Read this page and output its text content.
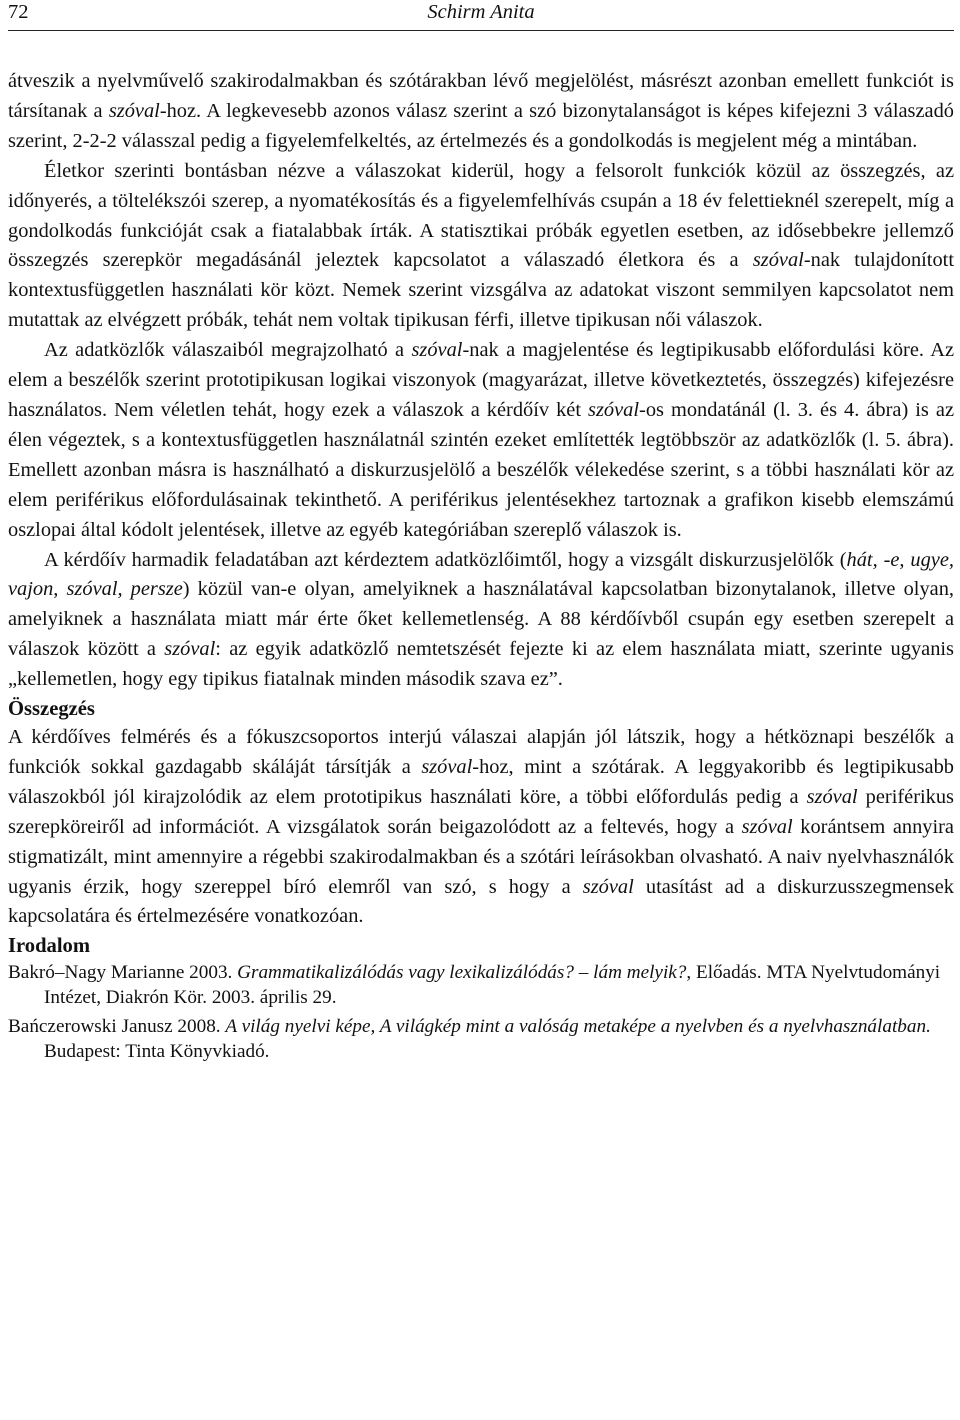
72	Schirm Anita

átveszik a nyelvművelő szakirodalmakban és szótárakban lévő megjelölést, másrészt azonban emellett funkciót is társítanak a szóval-hoz. A legkevesebb azonos válasz szerint a szó bizonytalanságot is képes kifejezni 3 válaszadó szerint, 2-2-2 válasszal pedig a figyelemfelkeltés, az értelmezés és a gondolkodás is megjelent még a mintában.

Életkor szerinti bontásban nézve a válaszokat kiderül, hogy a felsorolt funkciók közül az összegzés, az időnyerés, a töltelékszói szerep, a nyomatékosítás és a figyelemfelhívás csupán a 18 év felettieknél szerepelt, míg a gondolkodás funkcióját csak a fiatalabbak írták. A statisztikai próbák egyetlen esetben, az idősebbekre jellemző összegzés szerepkör megadásánál jeleztek kapcsolatot a válaszadó életkora és a szóval-nak tulajdonított kontextusfüggetlen használati kör közt. Nemek szerint vizsgálva az adatokat viszont semmilyen kapcsolatot nem mutattak az elvégzett próbák, tehát nem voltak tipikusan férfi, illetve tipikusan női válaszok.

Az adatközlők válaszaiból megrajzolható a szóval-nak a magjelentése és legtipikusabb előfordulási köre. Az elem a beszélők szerint prototipikusan logikai viszonyok (magyarázat, illetve következtetés, összegzés) kifejezésre használatos. Nem véletlen tehát, hogy ezek a válaszok a kérdőív két szóval-os mondatánál (l. 3. és 4. ábra) is az élen végeztek, s a kontextusfüggetlen használatnál szintén ezeket említették legtöbbször az adatközlők (l. 5. ábra). Emellett azonban másra is használható a diskurzusjelölő a beszélők vélekedése szerint, s a többi használati kör az elem periférikus előfordulásainak tekinthető. A periférikus jelentésekhez tartoznak a grafikon kisebb elemszámú oszlopai által kódolt jelentések, illetve az egyéb kategóriában szereplő válaszok is.

A kérdőív harmadik feladatában azt kérdeztem adatközlőimtől, hogy a vizsgált diskurzusjelölők (hát, -e, ugye, vajon, szóval, persze) közül van-e olyan, amelyiknek a használatával kapcsolatban bizonytalanok, illetve olyan, amelyiknek a használata miatt már érte őket kellemetlenség. A 88 kérdőívből csupán egy esetben szerepelt a válaszok között a szóval: az egyik adatközlő nemtetszését fejezte ki az elem használata miatt, szerinte ugyanis „kellemetlen, hogy egy tipikus fiatalnak minden második szava ez”.

Összegzés

A kérdőíves felmérés és a fókuszcsoportos interjú válaszai alapján jól látszik, hogy a hétköznapi beszélők a funkciók sokkal gazdagabb skáláját társítják a szóval-hoz, mint a szótárak. A leggyakoribb és legtipikusabb válaszokból jól kirajzolódik az elem prototipikus használati köre, a többi előfordulás pedig a szóval periférikus szerepköreiről ad információt. A vizsgálatok során beigazolódott az a feltevés, hogy a szóval korántsem annyira stigmatizált, mint amennyire a régebbi szakirodalmakban és a szótári leírásokban olvasható. A naiv nyelvhasználók ugyanis érzik, hogy szereppel bíró elemről van szó, s hogy a szóval utasítást ad a diskurzusszegmensek kapcsolatára és értelmezésére vonatkozóan.

Irodalom

Bakró–Nagy Marianne 2003. Grammatikalizálódás vagy lexikalizálódás? – lám melyik?, Előadás. MTA Nyelvtudományi Intézet, Diakrón Kör. 2003. április 29.

Bańczerowski Janusz 2008. A világ nyelvi képe, A világkép mint a valóság metaképe a nyelvben és a nyelvhasználatban. Budapest: Tinta Könyvkiadó.
